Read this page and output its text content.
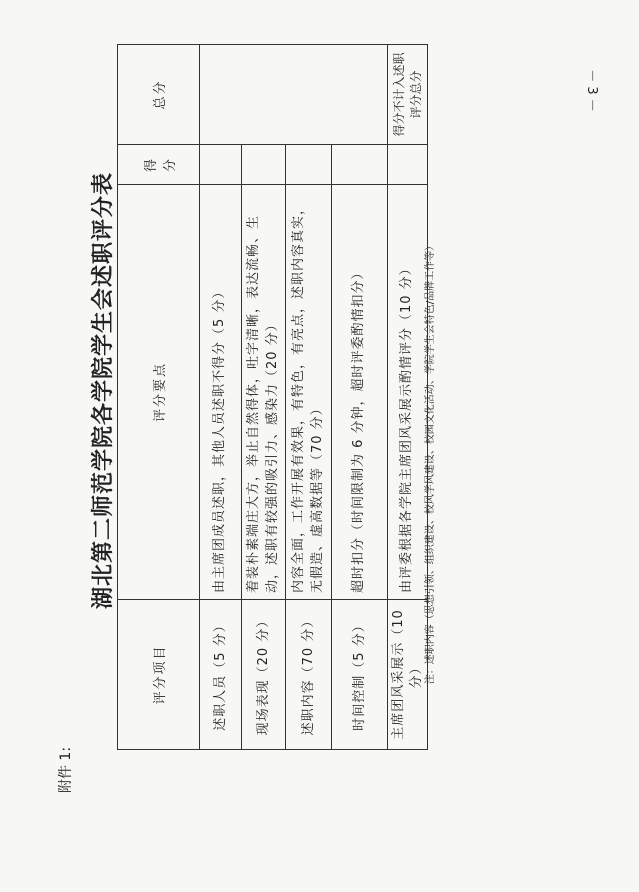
－ 3 －
湖北第二师范学院各学院学生会述职评分表
附件 1:
评分项目	评分要点	得分	总分
述职人员（5 分）	由主席团成员述职，其他人员述职不得分（5 分）		
现场表现（20 分）	着装朴素端庄大方，举止自然得体，吐字清晰，表达流畅、生动，述职有较强的吸引力、感染力（20 分）		
述职内容（70 分）	内容全面，工作开展有效果，有特色，有亮点，述职内容真实，无假造、虚高数据等（70 分）		
时间控制（5 分）	超时扣分（时间限制为 6 分钟，超时评委酌情扣分）		
主席团风采展示（10 分）	由评委根据各学院主席团风采展示酌情评分（10 分）		得分不计入述职评分总分
注：述职内容（思想引领、组织建设、校风学风建设、校园文化活动、学院学生会特色/品牌工作等）
